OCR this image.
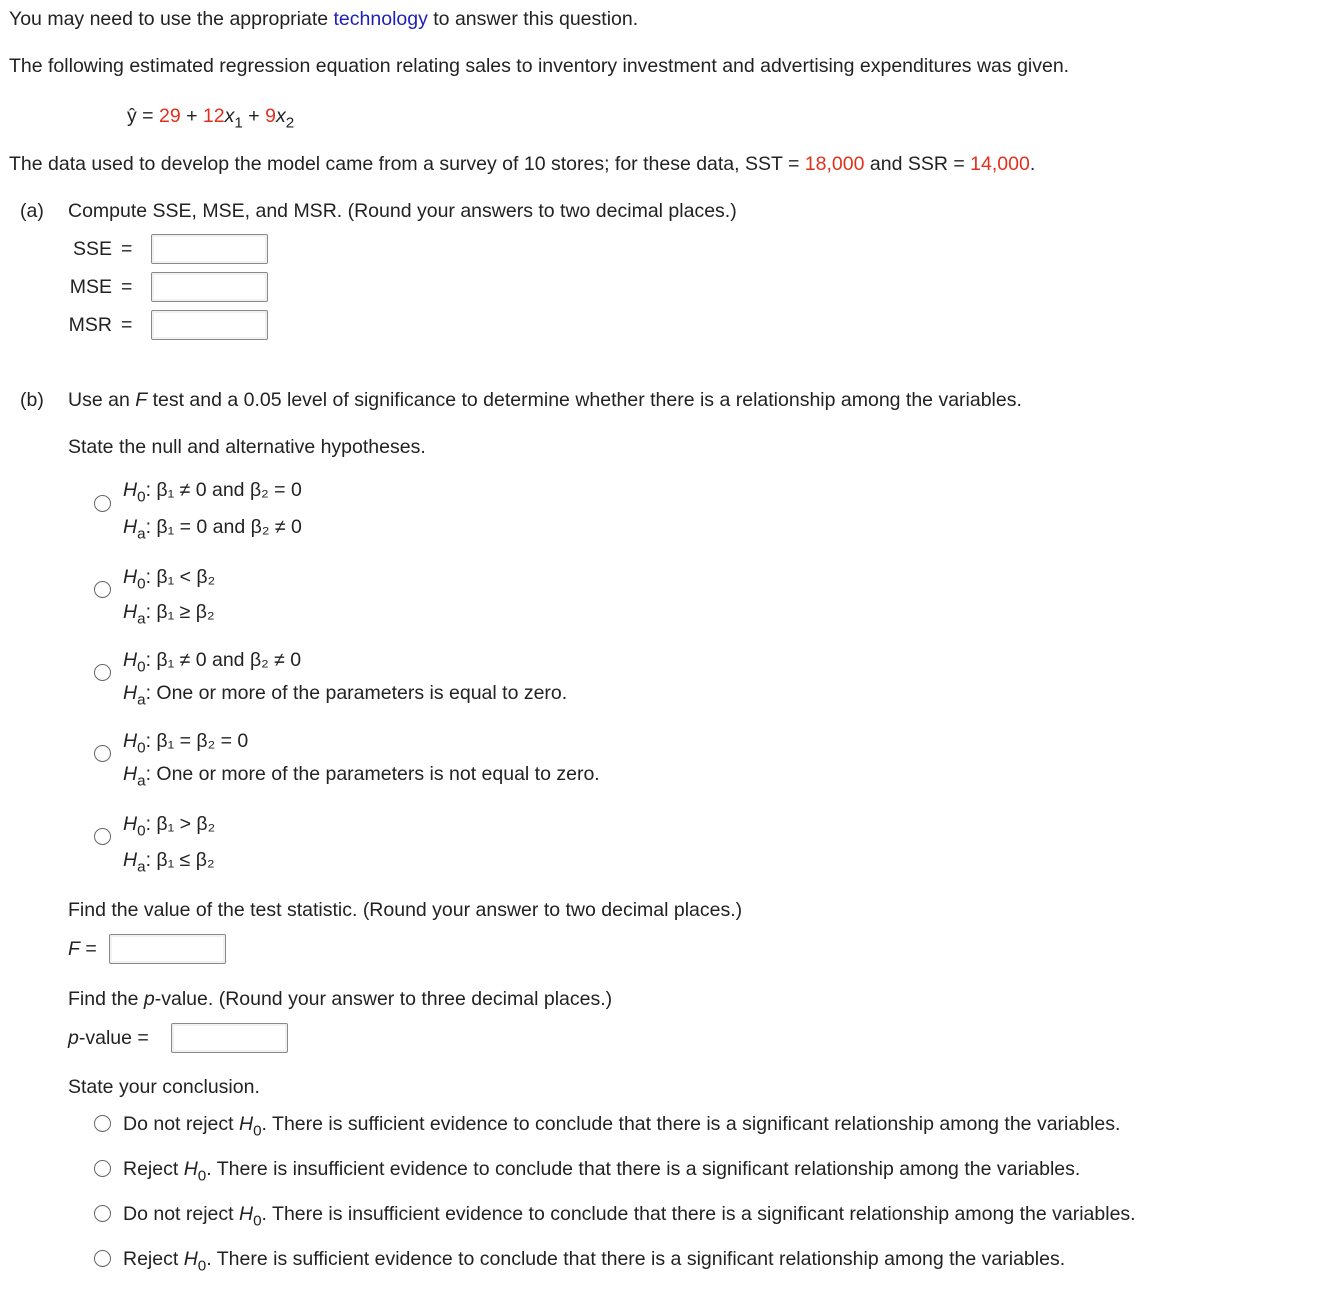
You may need to use the appropriate technology to answer this question.
The following estimated regression equation relating sales to inventory investment and advertising expenditures was given.
ŷ = $29 + 12x_1 + 9x_2$
The data used to develop the model came from a survey of 10 stores; for these data, SST = 18,000 and SSR = 14,000.
(a) Compute SSE, MSE, and MSR. (Round your answers to two decimal places.)
SSE =
MSE =
MSR =
(b) Use an F test and a 0.05 level of significance to determine whether there is a relationship among the variables.
State the null and alternative hypotheses.
$H_0$: β₁ ≠ 0 and β₂ = 0
$H_a$: β₁ = 0 and β₂ ≠ 0
$H_0$: β₁ < β₂
$H_a$: β₁ ≥ β₂
$H_0$: β₁ ≠ 0 and β₂ ≠ 0
$H_a$: One or more of the parameters is equal to zero.
$H_0$: β₁ = β₂ = 0
$H_a$: One or more of the parameters is not equal to zero.
$H_0$: β₁ > β₂
$H_a$: β₁ ≤ β₂
Find the value of the test statistic. (Round your answer to two decimal places.)
F =
Find the p-value. (Round your answer to three decimal places.)
p-value =
State your conclusion.
Do not reject $H_0$. There is sufficient evidence to conclude that there is a significant relationship among the variables.
Reject $H_0$. There is insufficient evidence to conclude that there is a significant relationship among the variables.
Do not reject $H_0$. There is insufficient evidence to conclude that there is a significant relationship among the variables.
Reject $H_0$. There is sufficient evidence to conclude that there is a significant relationship among the variables.
